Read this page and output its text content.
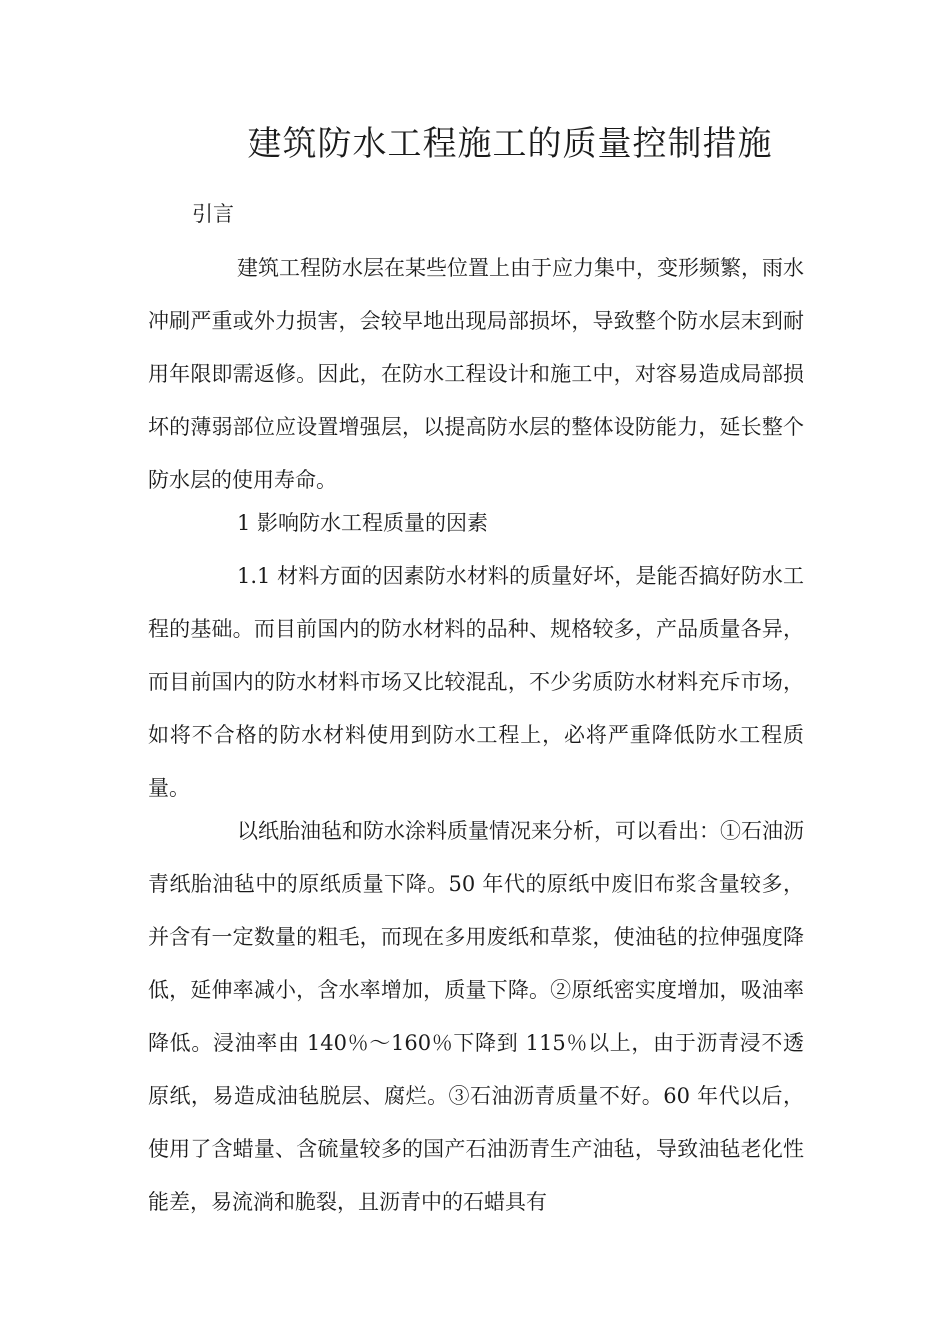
建筑防水工程施工的质量控制措施

引言

建筑工程防水层在某些位置上由于应力集中，变形频繁，雨水冲刷严重或外力损害，会较早地出现局部损坏，导致整个防水层末到耐用年限即需返修。因此，在防水工程设计和施工中，对容易造成局部损坏的薄弱部位应设置增强层，以提高防水层的整体设防能力，延长整个防水层的使用寿命。

1 影响防水工程质量的因素

1.1 材料方面的因素防水材料的质量好坏，是能否搞好防水工程的基础。而目前国内的防水材料的品种、规格较多，产品质量各异，而目前国内的防水材料市场又比较混乱，不少劣质防水材料充斥市场，如将不合格的防水材料使用到防水工程上，必将严重降低防水工程质量。

以纸胎油毡和防水涂料质量情况来分析，可以看出：①石油沥青纸胎油毡中的原纸质量下降。50 年代的原纸中废旧布浆含量较多，并含有一定数量的粗毛，而现在多用废纸和草浆，使油毡的拉伸强度降低，延伸率减小，含水率增加，质量下降。②原纸密实度增加，吸油率降低。浸油率由 140％～160％下降到 115％以上，由于沥青浸不透原纸，易造成油毡脱层、腐烂。③石油沥青质量不好。60 年代以后，使用了含蜡量、含硫量较多的国产石油沥青生产油毡，导致油毡老化性能差，易流淌和脆裂，且沥青中的石蜡具有
